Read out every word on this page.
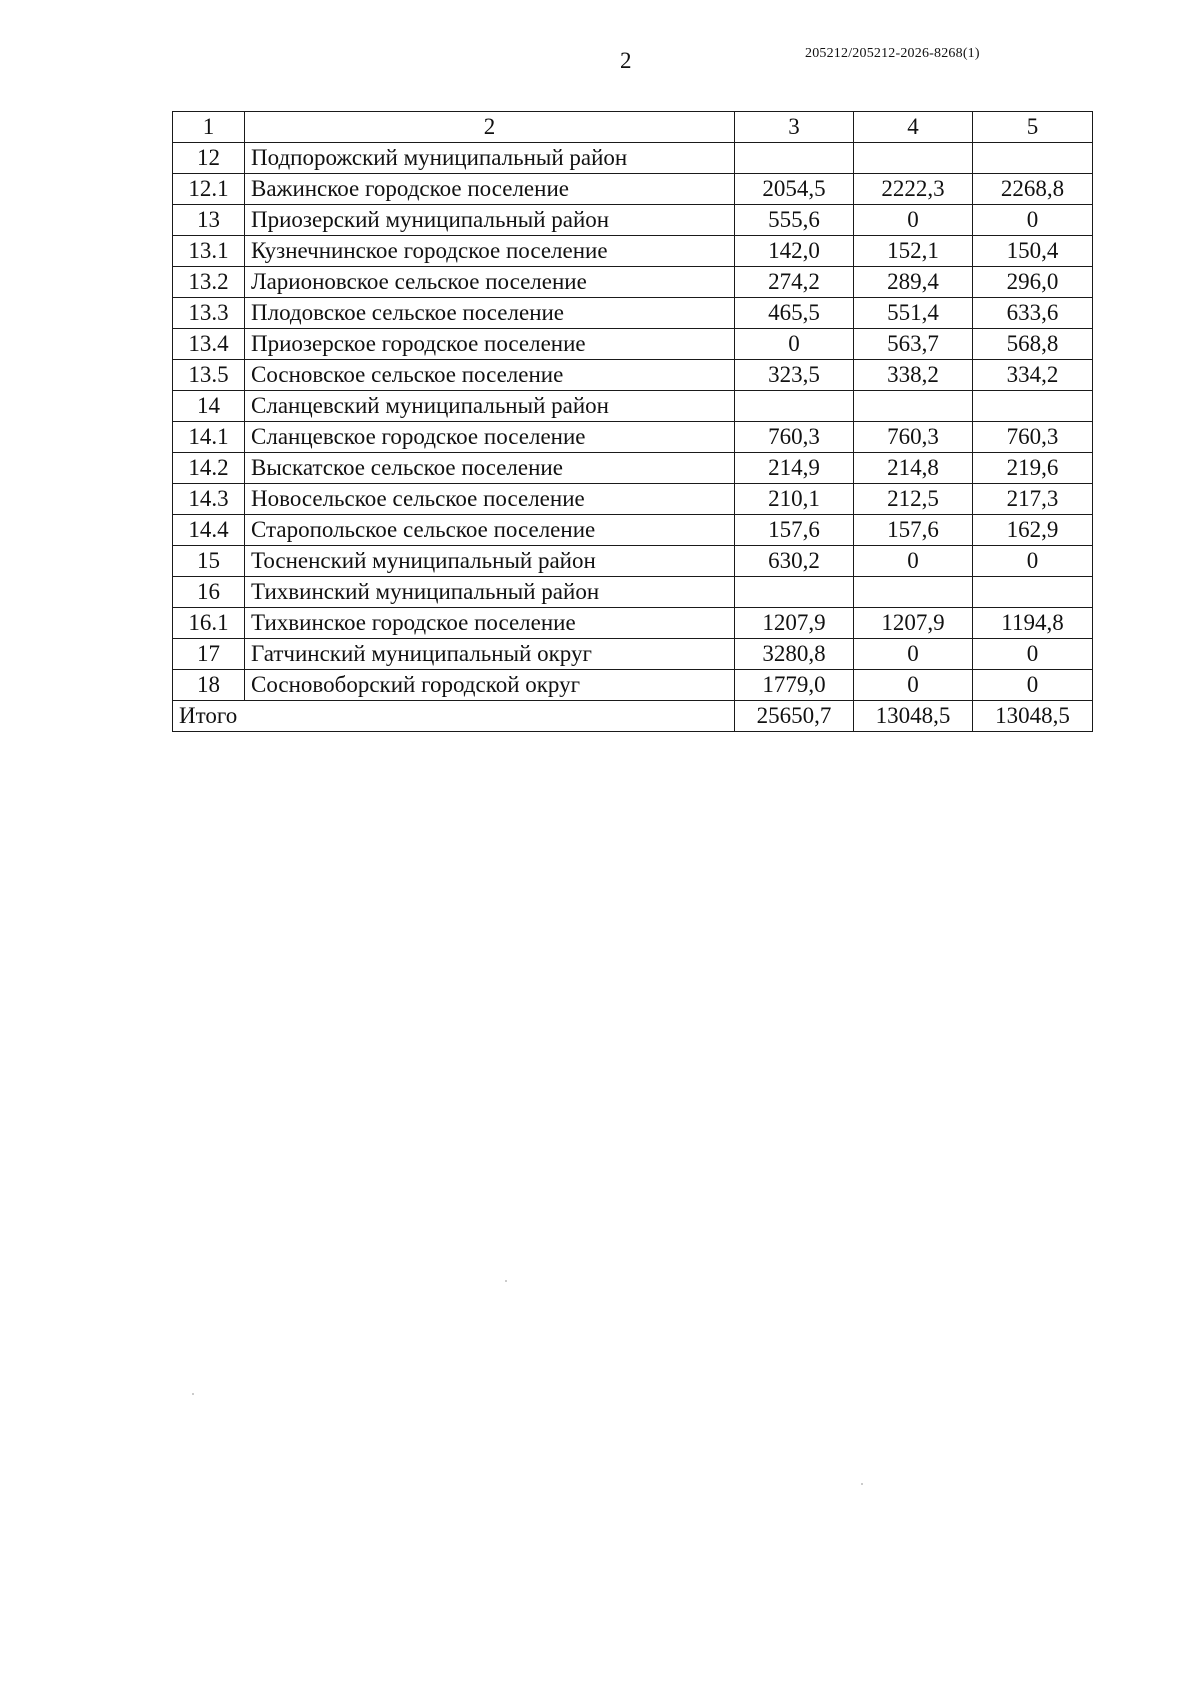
2	205212/205212-2026-8268(1)
1	2	3	4	5
12	Подпорожский муниципальный район			
12.1	Важинское городское поселение	2054,5	2222,3	2268,8
13	Приозерский муниципальный район	555,6	0	0
13.1	Кузнечнинское городское поселение	142,0	152,1	150,4
13.2	Ларионовское сельское поселение	274,2	289,4	296,0
13.3	Плодовское сельское поселение	465,5	551,4	633,6
13.4	Приозерское городское поселение	0	563,7	568,8
13.5	Сосновское сельское поселение	323,5	338,2	334,2
14	Сланцевский муниципальный район			
14.1	Сланцевское городское поселение	760,3	760,3	760,3
14.2	Выскатское сельское поселение	214,9	214,8	219,6
14.3	Новосельское сельское поселение	210,1	212,5	217,3
14.4	Старопольское сельское поселение	157,6	157,6	162,9
15	Тосненский муниципальный район	630,2	0	0
16	Тихвинский муниципальный район			
16.1	Тихвинское городское поселение	1207,9	1207,9	1194,8
17	Гатчинский муниципальный округ	3280,8	0	0
18	Сосновоборский городской округ	1779,0	0	0
Итого		25650,7	13048,5	13048,5
